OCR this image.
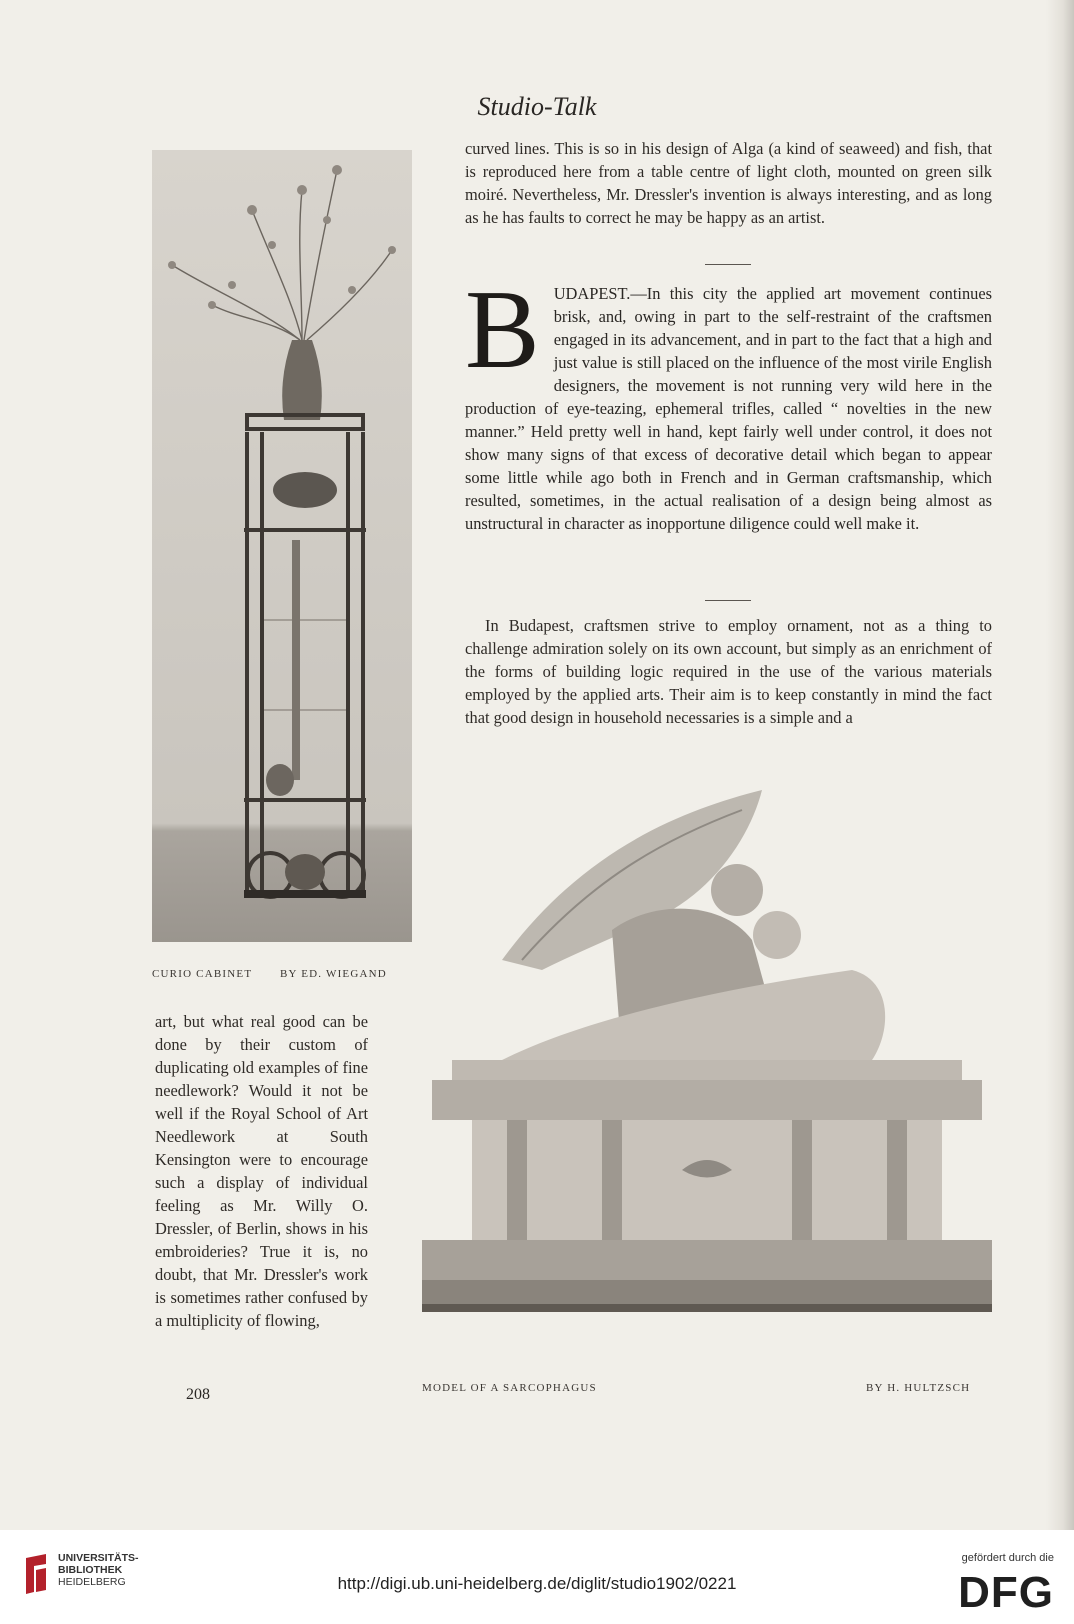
Studio-Talk

curved lines. This is so in his design of Alga (a kind of seaweed) and fish, that is reproduced here from a table centre of light cloth, mounted on green silk moiré. Nevertheless, Mr. Dressler's invention is always interesting, and as long as he has faults to correct he may be happy as an artist.

B UDAPEST.—In this city the applied art movement continues brisk, and, owing in part to the self-restraint of the craftsmen engaged in its advancement, and in part to the fact that a high and just value is still placed on the influence of the most virile English designers, the movement is not running very wild here in the production of eye-teazing, ephemeral trifles, called “ novelties in the new manner.” Held pretty well in hand, kept fairly well under control, it does not show many signs of that excess of decorative detail which began to appear some little while ago both in French and in German craftsmanship, which resulted, sometimes, in the actual realisation of a design being almost as unstructural in character as inopportune diligence could well make it.

In Budapest, craftsmen strive to employ ornament, not as a thing to challenge admiration solely on its own account, but simply as an enrichment of the forms of building logic required in the use of the various materials employed by the applied arts. Their aim is to keep constantly in mind the fact that good design in household necessaries is a simple and a

CURIO CABINET	BY ED. WIEGAND

art, but what real good can be done by their custom of duplicating old examples of fine needlework? Would it not be well if the Royal School of Art Needlework at South Kensington were to encourage such a display of individual feeling as Mr. Willy O. Dressler, of Berlin, shows in his embroideries? True it is, no doubt, that Mr. Dressler's work is sometimes rather confused by a multiplicity of flowing,

MODEL OF A SARCOPHAGUS	BY H. HULTZSCH
208
UNIVERSITÄTS-
BIBLIOTHEK
HEIDELBERG	http://digi.ub.uni-heidelberg.de/diglit/studio1902/0221
gefördert durch die
DFG
